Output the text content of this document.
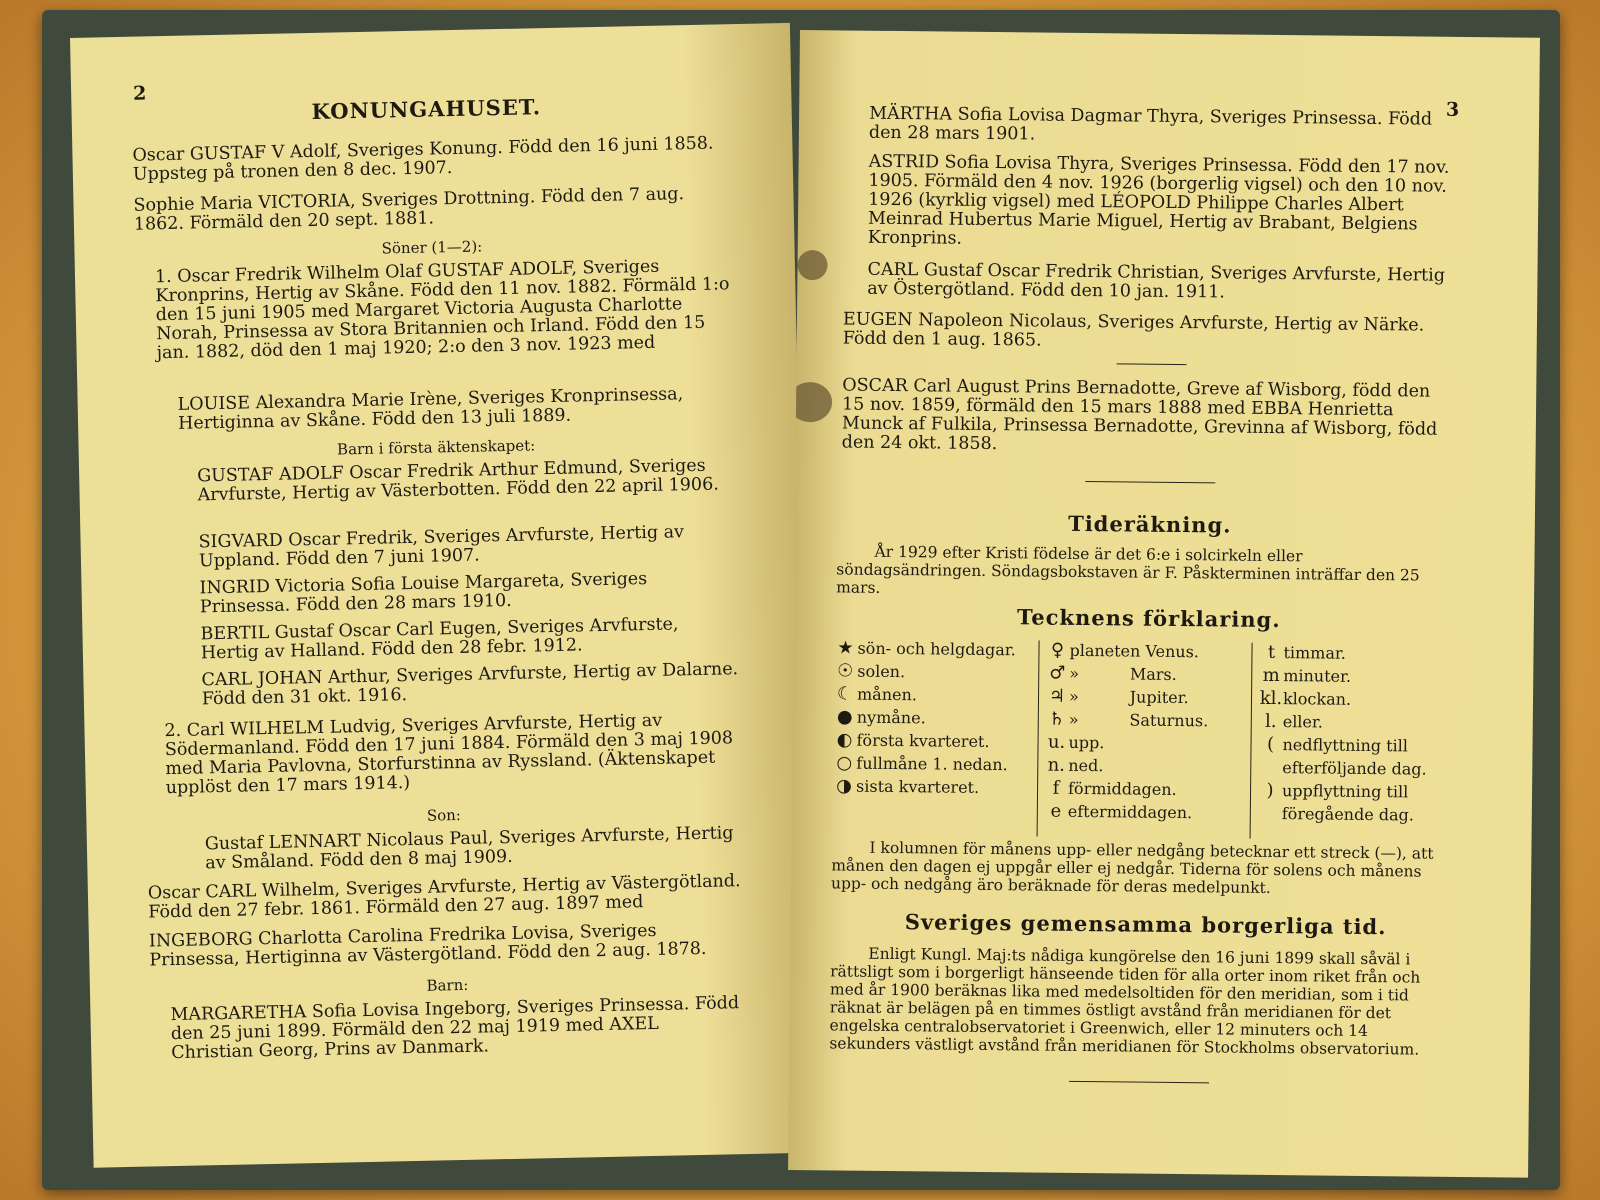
2
KONUNGAHUSET.
Oscar GUSTAF V Adolf, Sveriges Konung. Född den 16 juni 1858. Uppsteg på tronen den 8 dec. 1907.
Sophie Maria VICTORIA, Sveriges Drottning. Född den 7 aug. 1862. Förmäld den 20 sept. 1881.
Söner (1—2):
1. Oscar Fredrik Wilhelm Olaf GUSTAF ADOLF, Sveriges Kronprins, Hertig av Skåne. Född den 11 nov. 1882. Förmäld 1:o den 15 juni 1905 med Margaret Victoria Augusta Charlotte Norah, Prinsessa av Stora Britannien och Irland. Född den 15 jan. 1882, död den 1 maj 1920; 2:o den 3 nov. 1923 med
LOUISE Alexandra Marie Irène, Sveriges Kronprinsessa, Hertiginna av Skåne. Född den 13 juli 1889.
Barn i första äktenskapet:
GUSTAF ADOLF Oscar Fredrik Arthur Edmund, Sveriges Arvfurste, Hertig av Västerbotten. Född den 22 april 1906.
SIGVARD Oscar Fredrik, Sveriges Arvfurste, Hertig av Uppland. Född den 7 juni 1907.
INGRID Victoria Sofia Louise Margareta, Sveriges Prinsessa. Född den 28 mars 1910.
BERTIL Gustaf Oscar Carl Eugen, Sveriges Arvfurste, Hertig av Halland. Född den 28 febr. 1912.
CARL JOHAN Arthur, Sveriges Arvfurste, Hertig av Dalarne. Född den 31 okt. 1916.
2. Carl WILHELM Ludvig, Sveriges Arvfurste, Hertig av Södermanland. Född den 17 juni 1884. Förmäld den 3 maj 1908 med Maria Pavlovna, Storfurstinna av Ryssland. (Äktenskapet upplöst den 17 mars 1914.)
Son:
Gustaf LENNART Nicolaus Paul, Sveriges Arvfurste, Hertig av Småland. Född den 8 maj 1909.
Oscar CARL Wilhelm, Sveriges Arvfurste, Hertig av Västergötland. Född den 27 febr. 1861. Förmäld den 27 aug. 1897 med
INGEBORG Charlotta Carolina Fredrika Lovisa, Sveriges Prinsessa, Hertiginna av Västergötland. Född den 2 aug. 1878.
Barn:
MARGARETHA Sofia Lovisa Ingeborg, Sveriges Prinsessa. Född den 25 juni 1899. Förmäld den 22 maj 1919 med AXEL Christian Georg, Prins av Danmark.
3
MÄRTHA Sofia Lovisa Dagmar Thyra, Sveriges Prinsessa. Född den 28 mars 1901.
ASTRID Sofia Lovisa Thyra, Sveriges Prinsessa. Född den 17 nov. 1905. Förmäld den 4 nov. 1926 (borgerlig vigsel) och den 10 nov. 1926 (kyrklig vigsel) med LÉOPOLD Philippe Charles Albert Meinrad Hubertus Marie Miguel, Hertig av Brabant, Belgiens Kronprins.
CARL Gustaf Oscar Fredrik Christian, Sveriges Arvfurste, Hertig av Östergötland. Född den 10 jan. 1911.
EUGEN Napoleon Nicolaus, Sveriges Arvfurste, Hertig av Närke. Född den 1 aug. 1865.
OSCAR Carl August Prins Bernadotte, Greve af Wisborg, född den 15 nov. 1859, förmäld den 15 mars 1888 med EBBA Henrietta Munck af Fulkila, Prinsessa Bernadotte, Grevinna af Wisborg, född den 24 okt. 1858.
Tideräkning.
År 1929 efter Kristi födelse är det 6:e i solcirkeln eller söndagsändringen. Söndagsbokstaven är F. Påskterminen inträffar den 25 mars.
Tecknens förklaring.
★ sön- och helgdagar.
☉ solen.
☾ månen.
● nymåne.
◐ första kvarteret.
○ fullmåne 1. nedan.
◑ sista kvarteret.
♀ planeten Venus.
♂ »          Mars.
♃ »          Jupiter.
♄ »          Saturnus.
u. upp.
n. ned.
f förmiddagen.
e eftermiddagen.
t timmar.
m minuter.
kl.klockan.
l. eller.
( nedflyttning till
efterföljande dag.
) uppflyttning till
föregående dag.
I kolumnen för månens upp- eller nedgång betecknar ett streck (—), att månen den dagen ej uppgår eller ej nedgår. Tiderna för solens och månens upp- och nedgång äro beräknade för deras medelpunkt.
Sveriges gemensamma borgerliga tid.
Enligt Kungl. Maj:ts nådiga kungörelse den 16 juni 1899 skall såväl i rättsligt som i borgerligt hänseende tiden för alla orter inom riket från och med år 1900 beräknas lika med medelsoltiden för den meridian, som i tid räknat är belägen på en timmes östligt avstånd från meridianen för det engelska centralobservatoriet i Greenwich, eller 12 minuters och 14 sekunders västligt avstånd från meridianen för Stockholms observatorium.
